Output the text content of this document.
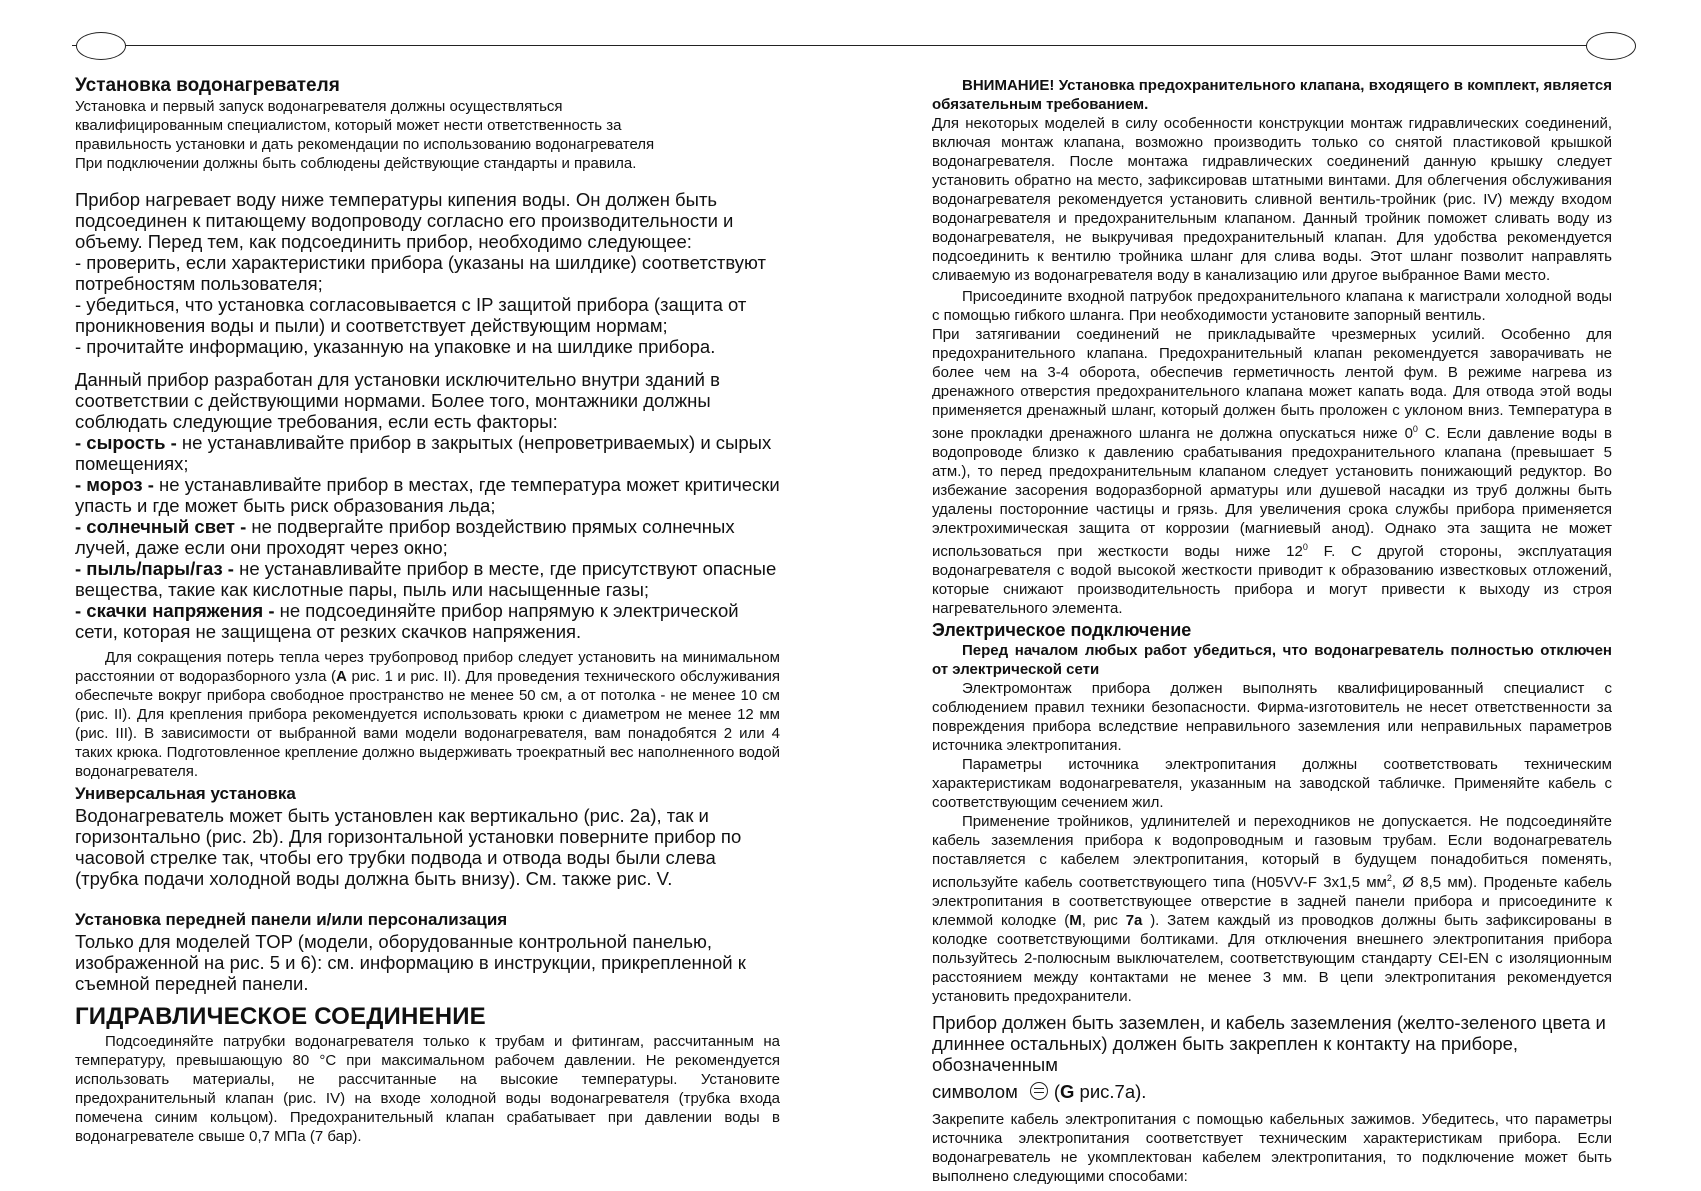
Установка водонагревателя

Установка и первый запуск водонагревателя должны осуществляться

квалифицированным специалистом, который может нести ответственность за

правильность установки и дать рекомендации по использованию водонагревателя

При подключении должны быть соблюдены действующие стандарты и правила.

Прибор нагревает воду ниже температуры кипения воды. Он должен быть подсоединен к питающему водопроводу согласно его производительности и объему. Перед тем, как подсоединить прибор, необходимо следующее:

- проверить, если характеристики прибора (указаны на шилдике) соответствуют потребностям пользователя;

- убедиться, что установка согласовывается с IP защитой прибора (защита от проникновения воды и пыли) и соответствует действующим нормам;

- прочитайте информацию, указанную на упаковке и на шилдике прибора.

Данный прибор разработан для установки исключительно внутри зданий в соответствии с действующими нормами. Более того, монтажники должны соблюдать следующие требования, если есть факторы:

- сырость - не устанавливайте прибор в закрытых (непроветриваемых) и сырых помещениях;

- мороз - не устанавливайте прибор в местах, где температура может критически упасть и где может быть риск образования льда;

- солнечный свет - не подвергайте прибор воздействию прямых солнечных лучей, даже если они проходят через окно;

- пыль/пары/газ - не устанавливайте прибор в месте, где присутствуют опасные вещества, такие как кислотные пары, пыль или насыщенные газы;

- скачки напряжения - не подсоединяйте прибор напрямую к электрической сети, которая не защищена от резких скачков напряжения.

Для сокращения потерь тепла через трубопровод прибор следует установить на минимальном расстоянии от водоразборного узла (A рис. 1 и рис. II). Для проведения технического обслуживания обеспечьте вокруг прибора свободное пространство не менее 50 см, а от потолка - не менее 10 см (рис. II). Для крепления прибора рекомендуется использовать крюки с диаметром не менее 12 мм (рис. III). В зависимости от выбранной вами модели водонагревателя, вам понадобятся 2 или 4 таких крюка. Подготовленное крепление должно выдерживать троекратный вес наполненного водой водонагревателя.

Универсальная установка

Водонагреватель может быть установлен как вертикально (рис. 2а), так и горизонтально (рис. 2b). Для горизонтальной установки поверните прибор по часовой стрелке так, чтобы его трубки подвода и отвода воды были слева (трубка подачи холодной воды должна быть внизу). См. также рис. V.

Установка передней панели и/или персонализация

Только для моделей TOP (модели, оборудованные контрольной панелью, изображенной на рис. 5 и 6): см. информацию в инструкции, прикрепленной к съемной передней панели.

ГИДРАВЛИЧЕСКОЕ СОЕДИНЕНИЕ

Подсоединяйте патрубки водонагревателя только к трубам и фитингам, рассчитанным на температуру, превышающую 80 °C при максимальном рабочем давлении. Не рекомендуется использовать материалы, не рассчитанные на высокие температуры. Установите предохранительный клапан (рис. IV) на входе холодной воды водонагревателя (трубка входа помечена синим кольцом). Предохранительный клапан срабатывает при давлении воды в водонагревателе свыше 0,7 МПа (7 бар).

ВНИМАНИЕ! Установка предохранительного клапана, входящего в комплект, является обязательным требованием.

Для некоторых моделей в силу особенности конструкции монтаж гидравлических соединений, включая монтаж клапана, возможно производить только со снятой пластиковой крышкой водонагревателя. После монтажа гидравлических соединений данную крышку следует установить обратно на место, зафиксировав штатными винтами. Для облегчения обслуживания водонагревателя рекомендуется установить сливной вентиль-тройник (рис. IV) между входом водонагревателя и предохранительным клапаном. Данный тройник поможет сливать воду из водонагревателя, не выкручивая предохранительный клапан. Для удобства рекомендуется подсоединить к вентилю тройника шланг для слива воды. Этот шланг позволит направлять сливаемую из водонагревателя воду в канализацию или другое выбранное Вами место.

Присоедините входной патрубок предохранительного клапана к магистрали холодной воды с помощью гибкого шланга. При необходимости установите запорный вентиль.

При затягивании соединений не прикладывайте чрезмерных усилий. Особенно для предохранительного клапана. Предохранительный клапан рекомендуется заворачивать не более чем на 3-4 оборота, обеспечив герметичность лентой фум. В режиме нагрева из дренажного отверстия предохранительного клапана может капать вода. Для отвода этой воды применяется дренажный шланг, который должен быть проложен с уклоном вниз. Температура в зоне прокладки дренажного шланга не должна опускаться ниже $0^0$ С. Если давление воды в водопроводе близко к давлению срабатывания предохранительного клапана (превышает 5 атм.), то перед предохранительным клапаном следует установить понижающий редуктор. Во избежание засорения водоразборной арматуры или душевой насадки из труб должны быть удалены посторонние частицы и грязь. Для увеличения срока службы прибора применяется электрохимическая защита от коррозии (магниевый анод). Однако эта защита не может использоваться при жесткости воды ниже $12^0$ F. С другой стороны, эксплуатация водонагревателя с водой высокой жесткости приводит к образованию известковых отложений, которые снижают производительность прибора и могут привести к выходу из строя нагревательного элемента.

Электрическое подключение

Перед началом любых работ убедиться, что водонагреватель полностью отключен от электрической сети

Электромонтаж прибора должен выполнять квалифицированный специалист с соблюдением правил техники безопасности. Фирма-изготовитель не несет ответственности за повреждения прибора вследствие неправильного заземления или неправильных параметров источника электропитания.

Параметры источника электропитания должны соответствовать техническим характеристикам водонагревателя, указанным на заводской табличке. Применяйте кабель с соответствующим сечением жил.

Применение тройников, удлинителей и переходников не допускается. Не подсоединяйте кабель заземления прибора к водопроводным и газовым трубам. Если водонагреватель поставляется с кабелем электропитания, который в будущем понадобиться поменять, используйте кабель соответствующего типа (H05VV-F 3x1,5 $мм^2$, Ø 8,5 мм). Проденьте кабель электропитания в соответствующее отверстие в задней панели прибора и присоедините к клеммой колодке (M, рис 7а ). Затем каждый из проводков должны быть зафиксированы в колодке соответствующими болтиками. Для отключения внешнего электропитания прибора пользуйтесь 2-полюсным выключателем, соответствующим стандарту CEI-EN с изоляционным расстоянием между контактами не менее 3 мм. В цепи электропитания рекомендуется установить предохранители.

Прибор должен быть заземлен, и кабель заземления (желто-зеленого цвета и длиннее остальных) должен быть закреплен к контакту на приборе, обозначенным

символом (G рис.7а).

Закрепите кабель электропитания с помощью кабельных зажимов. Убедитесь, что параметры источника электропитания соответствует техническим характеристикам прибора. Если водонагреватель не укомплектован кабелем электропитания, то подключение может быть выполнено следующими способами:
